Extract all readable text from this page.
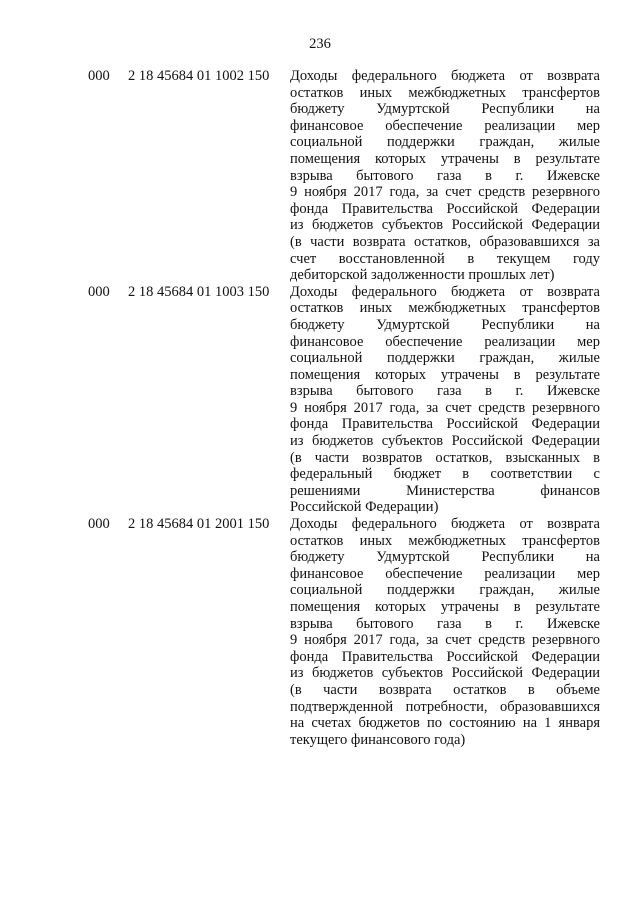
236
000 2 18 45684 01 1002 150 Доходы федерального бюджета от возврата
остатков иных межбюджетных трансфертов
бюджету Удмуртской Республики на
финансовое обеспечение реализации мер
социальной поддержки граждан, жилые
помещения которых утрачены в результате
взрыва бытового газа в г. Ижевске
9 ноября 2017 года, за счет средств резервного
фонда Правительства Российской Федерации
из бюджетов субъектов Российской Федерации
(в части возврата остатков, образовавшихся за
счет восстановленной в текущем году
дебиторской задолженности прошлых лет)
000 2 18 45684 01 1003 150 Доходы федерального бюджета от возврата
остатков иных межбюджетных трансфертов
бюджету Удмуртской Республики на
финансовое обеспечение реализации мер
социальной поддержки граждан, жилые
помещения которых утрачены в результате
взрыва бытового газа в г. Ижевске
9 ноября 2017 года, за счет средств резервного
фонда Правительства Российской Федерации
из бюджетов субъектов Российской Федерации
(в части возвратов остатков, взысканных в
федеральный бюджет в соответствии с
решениями Министерства финансов
Российской Федерации)
000 2 18 45684 01 2001 150 Доходы федерального бюджета от возврата
остатков иных межбюджетных трансфертов
бюджету Удмуртской Республики на
финансовое обеспечение реализации мер
социальной поддержки граждан, жилые
помещения которых утрачены в результате
взрыва бытового газа в г. Ижевске
9 ноября 2017 года, за счет средств резервного
фонда Правительства Российской Федерации
из бюджетов субъектов Российской Федерации
(в части возврата остатков в объеме
подтвержденной потребности, образовавшихся
на счетах бюджетов по состоянию на 1 января
текущего финансового года)
